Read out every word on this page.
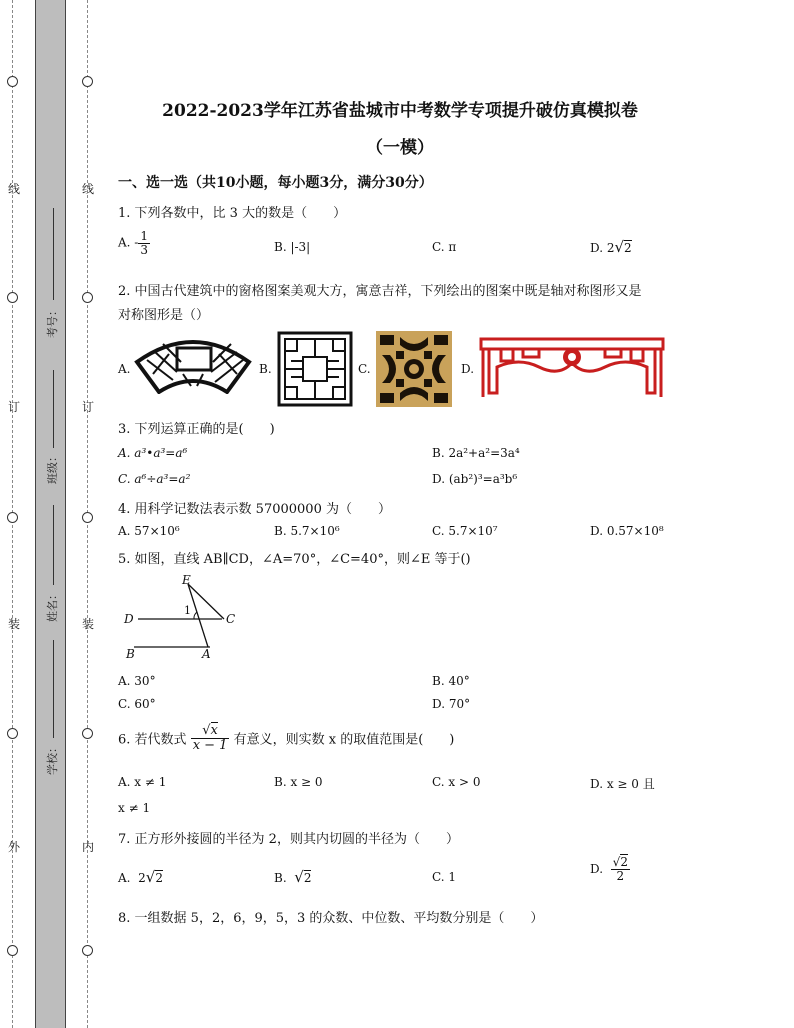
线
订
装
外
线
订
装
内
考号：
班级：
姓名：
学校：
2022-2023学年江苏省盐城市中考数学专项提升破仿真模拟卷
（一模）
一、选一选（共10小题，每小题3分，满分30分）
1. 下列各数中，比 3 大的数是（　　）
A. - $\frac{1}{3}$	B. |-3|	C. π	D. 2√2
2. 中国古代建筑中的窗格图案美观大方，寓意吉祥，下列绘出的图案中既是轴对称图形又是
对称图形是（）
A.	B.	C.	D.
3. 下列运算正确的是(　　)
A. a³•a³=a⁶	B. 2a²+a²=3a⁴
C. a⁶÷a³=a²	D. (ab²)³=a³b⁶
4. 用科学记数法表示数 57000000 为（　　）
A. 57×10⁶	B. 5.7×10⁶	C. 5.7×10⁷	D. 0.57×10⁸
5. 如图，直线 AB∥CD，∠A=70°，∠C=40°，则∠E 等于()
E
1
D	C
B	A
A. 30°	B. 40°
C. 60°	D. 70°
6. 若代数式 $\frac{√x}{x - 1}$ 有意义，则实数 x 的取值范围是(　　)
A. x ≠ 1	B. x ≥ 0	C. x > 0	D. x ≥ 0 且
x ≠ 1
7. 正方形外接圆的半径为 2，则其内切圆的半径为（　　）
A. 2√2	B. √2	C. 1
D. $\frac{√2}{2}$
8. 一组数据 5，2，6，9，5，3 的众数、中位数、平均数分别是（　　）
